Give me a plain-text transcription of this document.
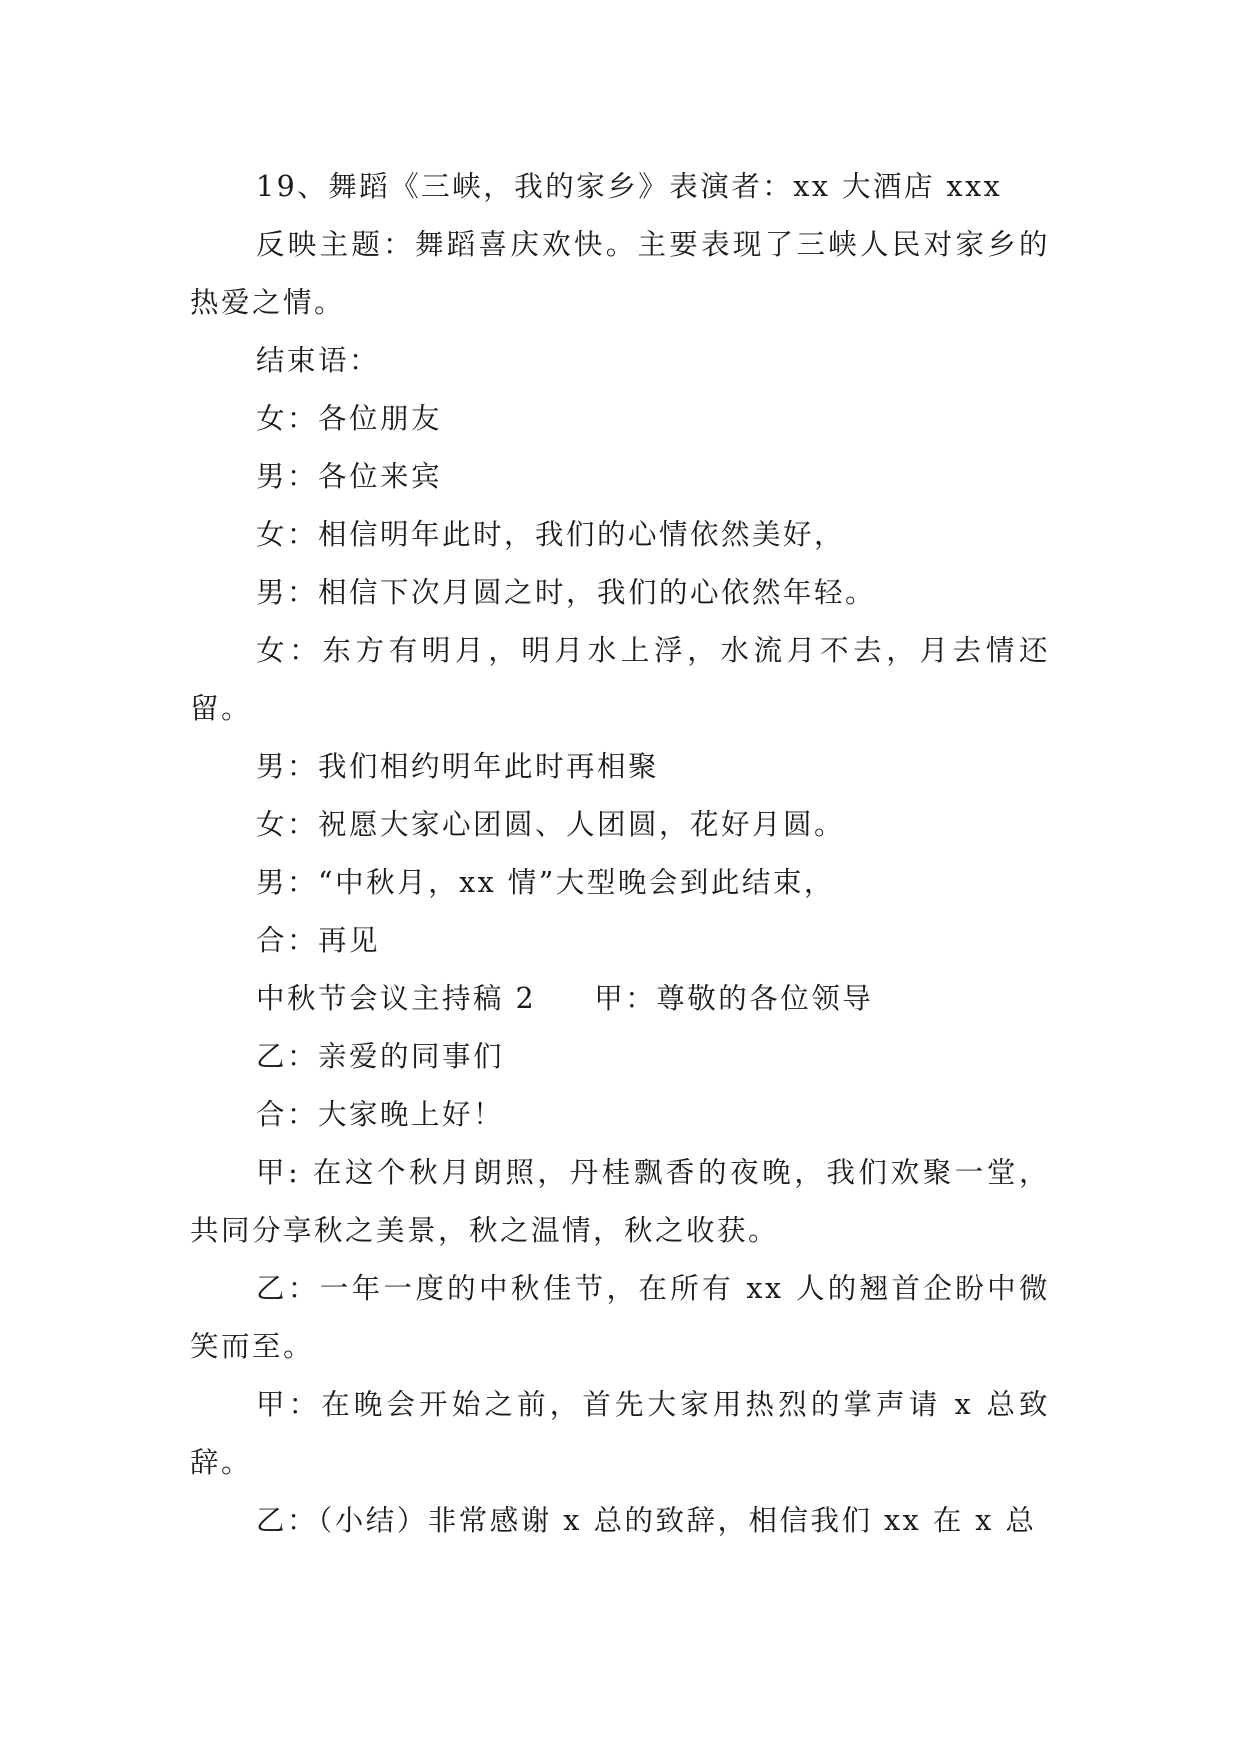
19、舞蹈《三峡，我的家乡》表演者：xx 大酒店 xxx

反映主题：舞蹈喜庆欢快。主要表现了三峡人民对家乡的热爱之情。

结束语：

女：各位朋友

男：各位来宾

女：相信明年此时，我们的心情依然美好，

男：相信下次月圆之时，我们的心依然年轻。

女：东方有明月，明月水上浮，水流月不去，月去情还留。

男：我们相约明年此时再相聚

女：祝愿大家心团圆、人团圆，花好月圆。

男：“中秋月，xx 情”大型晚会到此结束，

合：再见

中秋节会议主持稿 2 甲：尊敬的各位领导

乙：亲爱的同事们

合：大家晚上好！

甲: 在这个秋月朗照，丹桂飘香的夜晚，我们欢聚一堂，共同分享秋之美景，秋之温情，秋之收获。

乙：一年一度的中秋佳节，在所有 xx 人的翘首企盼中微笑而至。

甲：在晚会开始之前，首先大家用热烈的掌声请 x 总致辞。

乙：（小结）非常感谢 x 总的致辞，相信我们 xx 在 x 总
